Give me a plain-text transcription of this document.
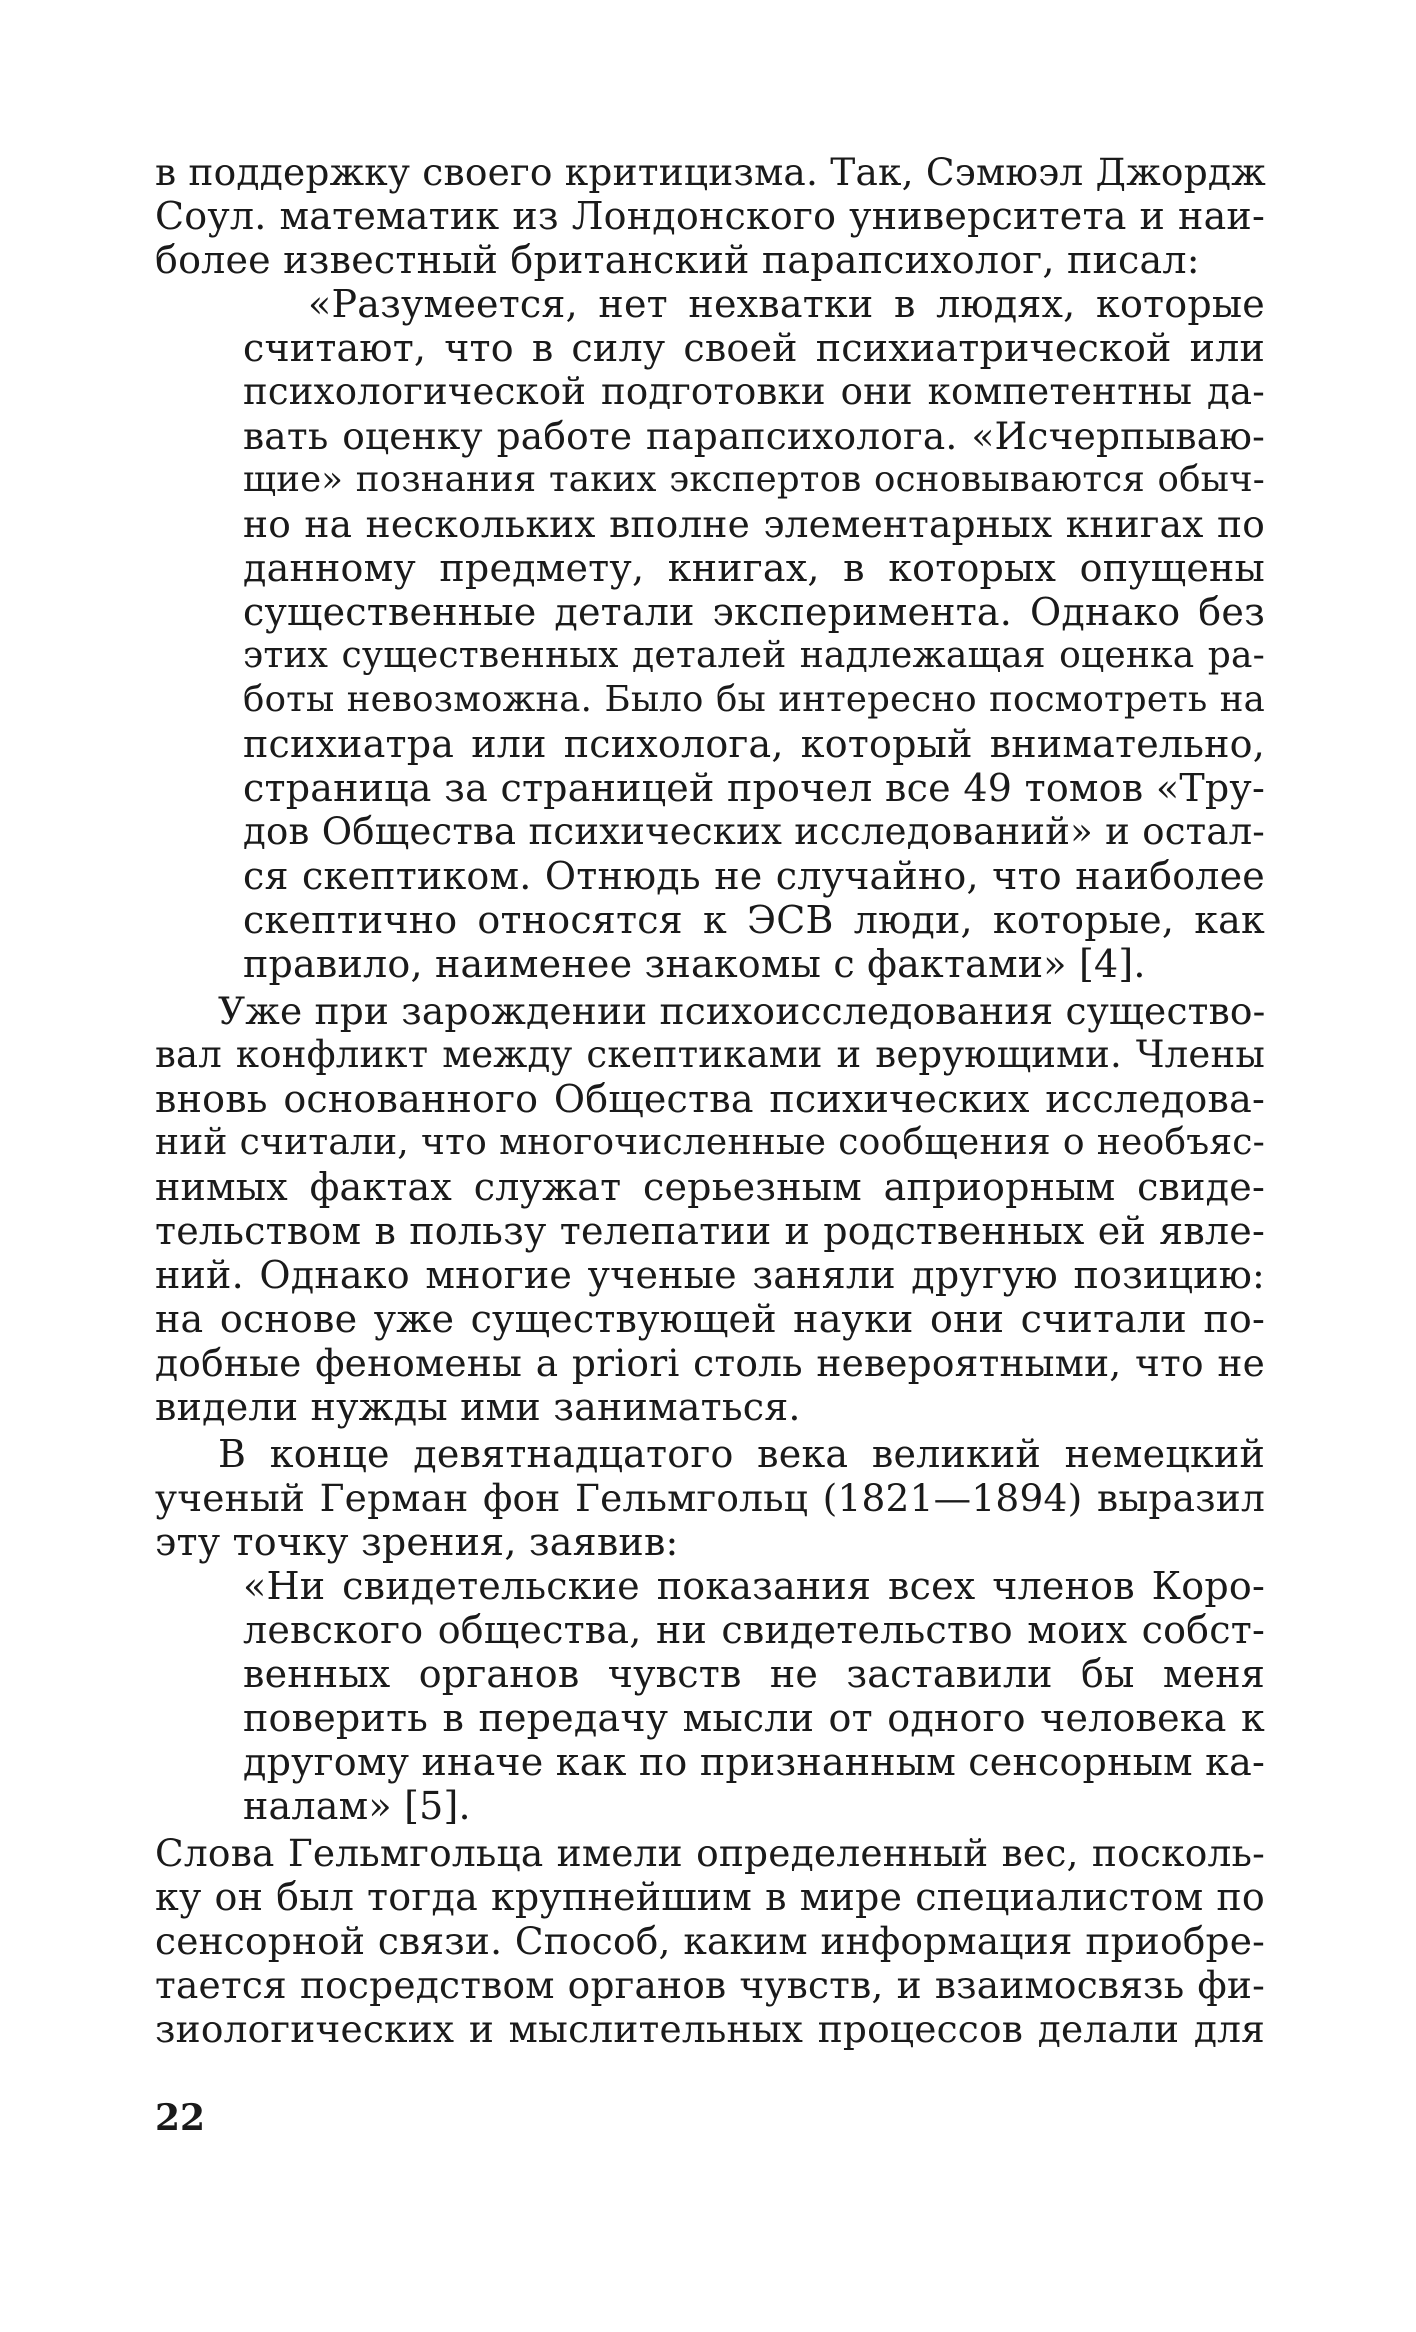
в поддержку своего критицизма. Так, Сэмюэл Джордж
Соул. математик из Лондонского университета и наи-
более известный британский парапсихолог, писал:
«Разумеется, нет нехватки в людях, которые
считают, что в силу своей психиатрической или
психологической подготовки они компетентны да-
вать оценку работе парапсихолога. «Исчерпываю-
щие» познания таких экспертов основываются обыч-
но на нескольких вполне элементарных книгах по
данному предмету, книгах, в которых опущены
существенные детали эксперимента. Однако без
этих существенных деталей надлежащая оценка ра-
боты невозможна. Было бы интересно посмотреть на
психиатра или психолога, который внимательно,
страница за страницей прочел все 49 томов «Тру-
дов Общества психических исследований» и остал-
ся скептиком. Отнюдь не случайно, что наиболее
скептично относятся к ЭСВ люди, которые, как
правило, наименее знакомы с фактами» [4].
Уже при зарождении психоисследования существо-
вал конфликт между скептиками и верующими. Члены
вновь основанного Общества психических исследова-
ний считали, что многочисленные сообщения о необъяс-
нимых фактах служат серьезным априорным свиде-
тельством в пользу телепатии и родственных ей явле-
ний. Однако многие ученые заняли другую позицию:
на основе уже существующей науки они считали по-
добные феномены a priori столь невероятными, что не
видели нужды ими заниматься.
В конце девятнадцатого века великий немецкий
ученый Герман фон Гельмгольц (1821—1894) выразил
эту точку зрения, заявив:
«Ни свидетельские показания всех членов Коро-
левского общества, ни свидетельство моих собст-
венных органов чувств не заставили бы меня
поверить в передачу мысли от одного человека к
другому иначе как по признанным сенсорным ка-
налам» [5].
Слова Гельмгольца имели определенный вес, посколь-
ку он был тогда крупнейшим в мире специалистом по
сенсорной связи. Способ, каким информация приобре-
тается посредством органов чувств, и взаимосвязь фи-
зиологических и мыслительных процессов делали для
22
